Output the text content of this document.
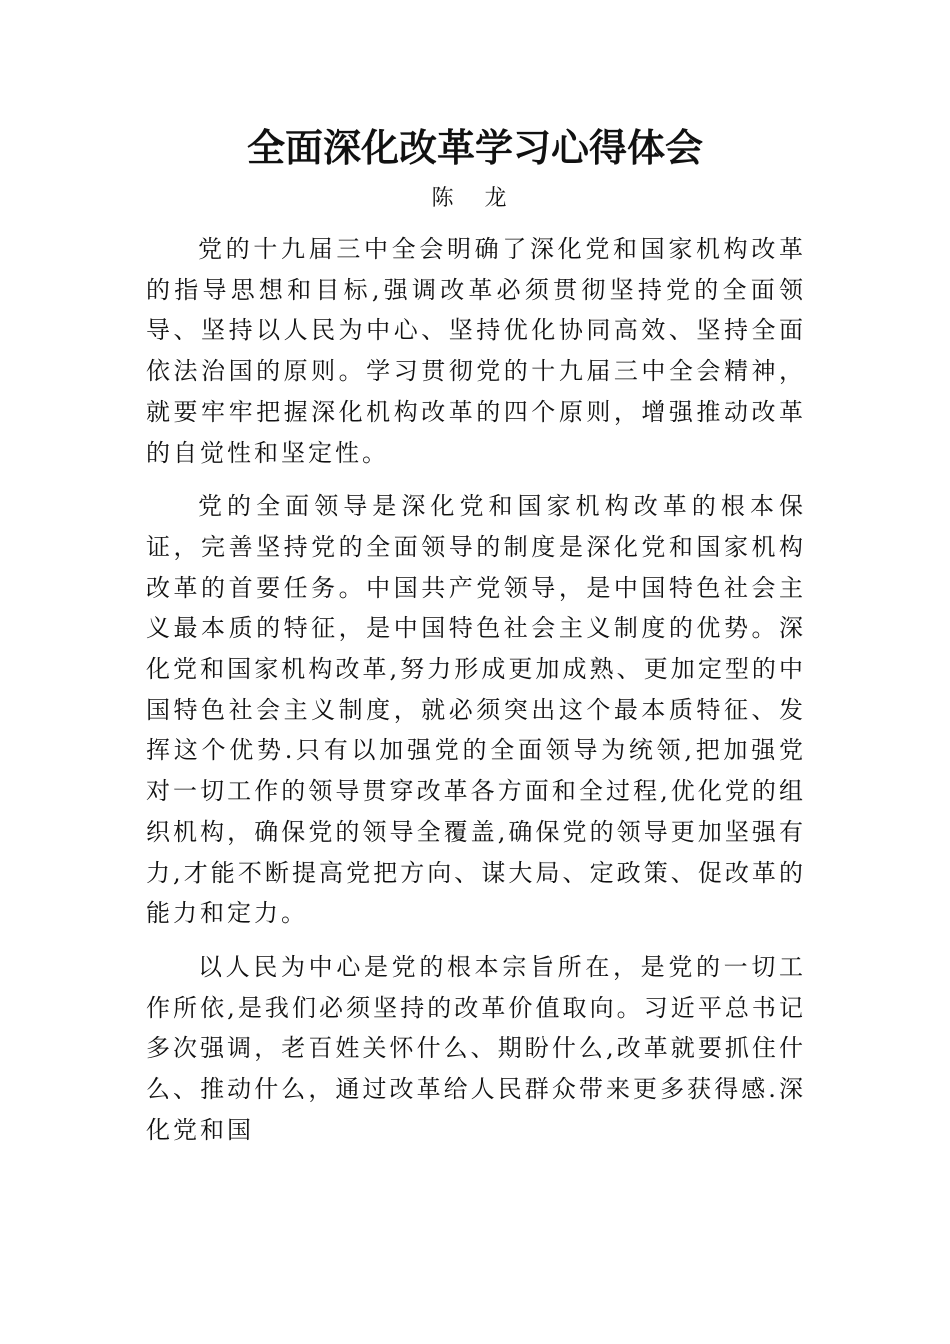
全面深化改革学习心得体会

陈 龙

党的十九届三中全会明确了深化党和国家机构改革的指导思想和目标,强调改革必须贯彻坚持党的全面领导、坚持以人民为中心、坚持优化协同高效、坚持全面依法治国的原则。学习贯彻党的十九届三中全会精神，就要牢牢把握深化机构改革的四个原则，增强推动改革的自觉性和坚定性。

党的全面领导是深化党和国家机构改革的根本保证，完善坚持党的全面领导的制度是深化党和国家机构改革的首要任务。中国共产党领导，是中国特色社会主义最本质的特征，是中国特色社会主义制度的优势。深化党和国家机构改革,努力形成更加成熟、更加定型的中国特色社会主义制度，就必须突出这个最本质特征、发挥这个优势.只有以加强党的全面领导为统领,把加强党对一切工作的领导贯穿改革各方面和全过程,优化党的组织机构，确保党的领导全覆盖,确保党的领导更加坚强有力,才能不断提高党把方向、谋大局、定政策、促改革的能力和定力。

以人民为中心是党的根本宗旨所在，是党的一切工作所依,是我们必须坚持的改革价值取向。习近平总书记多次强调，老百姓关怀什么、期盼什么,改革就要抓住什么、推动什么，通过改革给人民群众带来更多获得感.深化党和国
